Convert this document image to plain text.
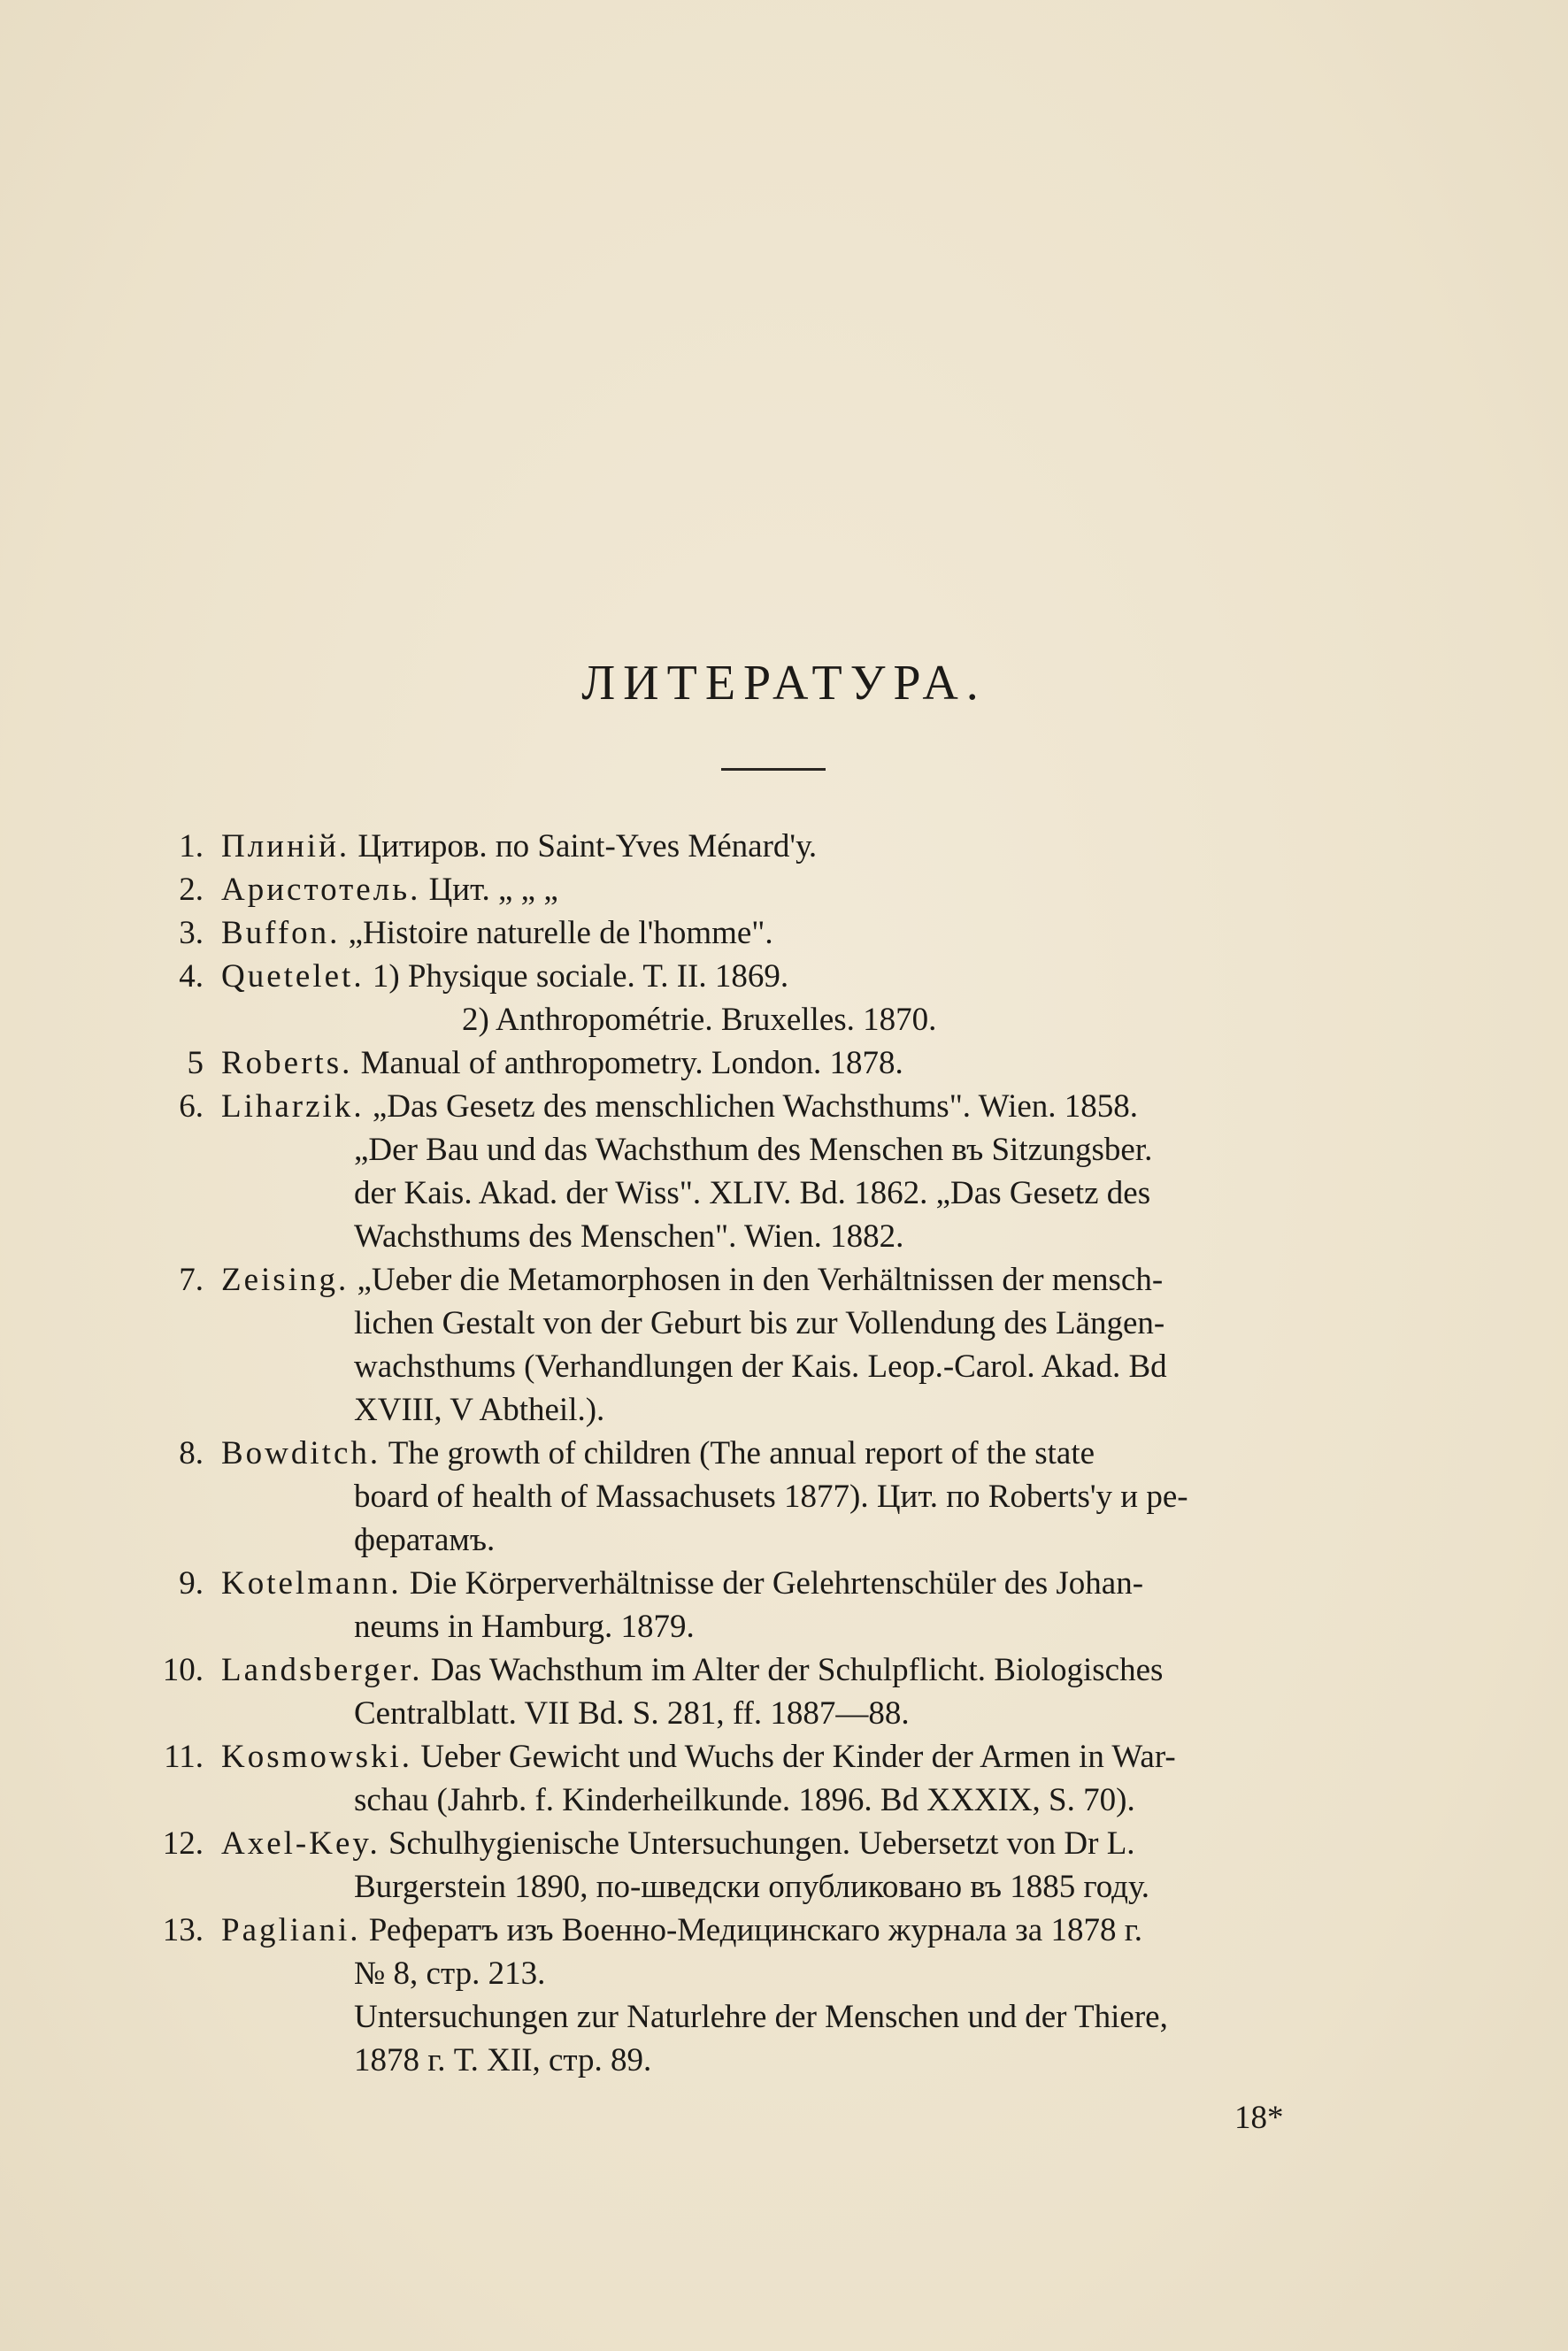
ЛИТЕРАТУРА.
1. Плиній. Цитиров. по Saint-Yves Ménard'у.
2. Аристотель. Цит. „ „ „
3. Buffon. „Histoire naturelle de l'homme".
4. Quetelet. 1) Physique sociale. T. II. 1869.
2) Anthropométrie. Bruxelles. 1870.
5 Roberts. Manual of anthropometry. London. 1878.
6. Liharzik. „Das Gesetz des menschlichen Wachsthums". Wien. 1858.
„Der Bau und das Wachsthum des Menschen въ Sitzungsber.
der Kais. Akad. der Wiss". XLIV. Bd. 1862. „Das Gesetz des
Wachsthums des Menschen". Wien. 1882.
7. Zeising. „Ueber die Metamorphosen in den Verhältnissen der mensch-
lichen Gestalt von der Geburt bis zur Vollendung des Längen-
wachsthums (Verhandlungen der Kais. Leop.-Carol. Akad. Bd
XVIII, V Abtheil.).
8. Bowditch. The growth of children (The annual report of the state
board of health of Massachusets 1877). Цит. по Roberts'у и ре-
фератамъ.
9. Kotelmann. Die Körperverhältnisse der Gelehrtenschüler des Johan-
neums in Hamburg. 1879.
10. Landsberger. Das Wachsthum im Alter der Schulpflicht. Biologisches
Centralblatt. VII Bd. S. 281, ff. 1887—88.
11. Kosmowski. Ueber Gewicht und Wuchs der Kinder der Armen in War-
schau (Jahrb. f. Kinderheilkunde. 1896. Bd XXXIX, S. 70).
12. Axel-Key. Schulhygienische Untersuchungen. Uebersetzt von Dr L.
Burgerstein 1890, по-шведски опубликовано въ 1885 году.
13. Pagliani. Рефератъ изъ Военно-Медицинскаго журнала за 1878 г.
№ 8, стр. 213.
Untersuchungen zur Naturlehre der Menschen und der Thiere,
1878 г. Т. XII, стр. 89.
18*
